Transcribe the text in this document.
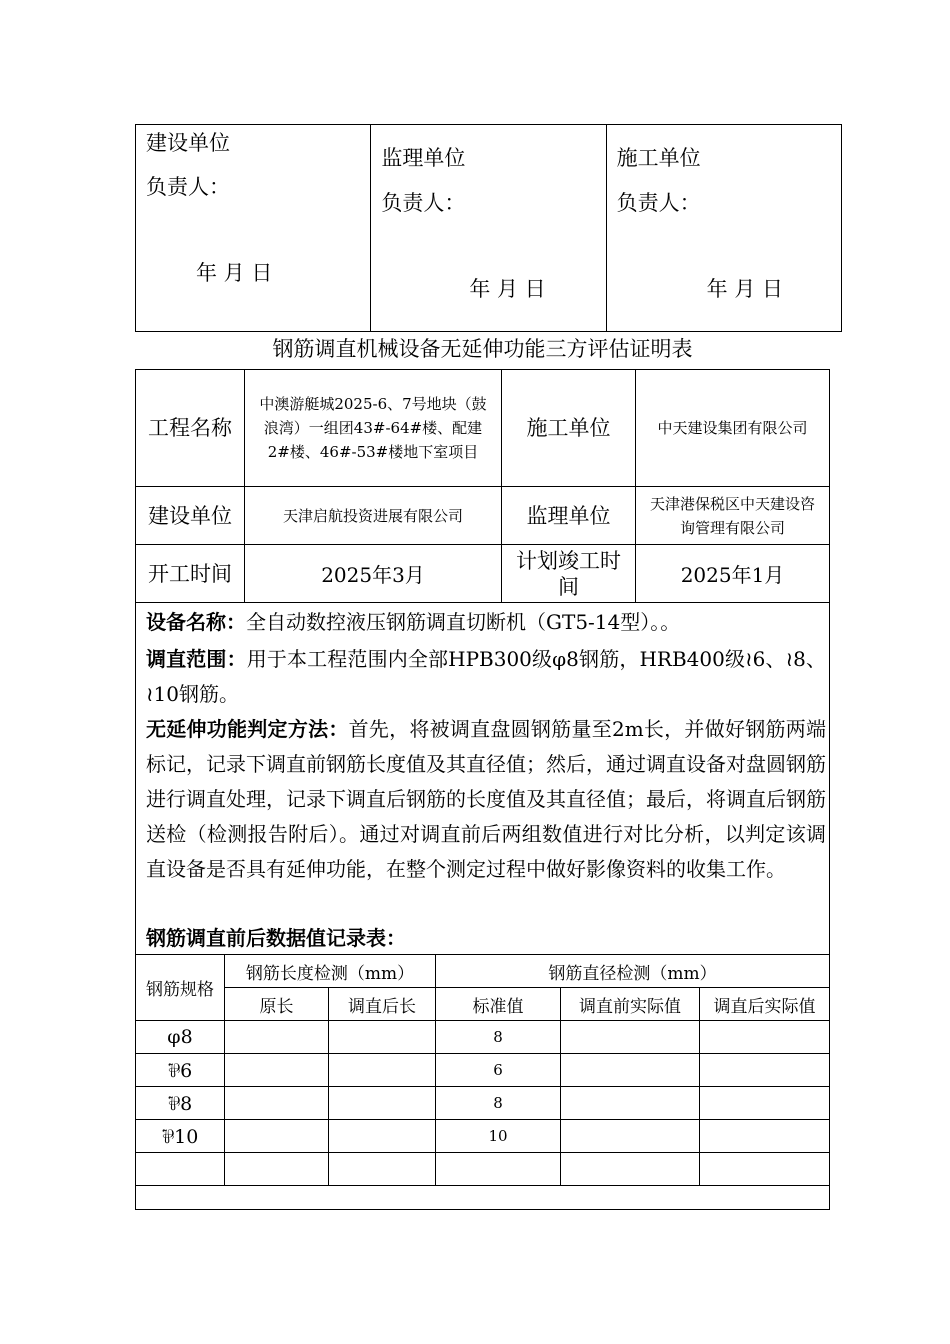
建设单位
负责人：
年 月 日

监理单位
负责人：
年 月 日

施工单位
负责人：
年 月 日
钢筋调直机械设备无延伸功能三方评估证明表
工程名称	中澳游艇城2025-6、7号地块（鼓浪湾）一组团43#-64#楼、配建2#楼、46#-53#楼地下室项目	施工单位	中天建设集团有限公司
建设单位	天津启航投资进展有限公司	监理单位	天津港保税区中天建设咨询管理有限公司
开工时间	2025年3月	计划竣工时间	2025年1月
设备名称：全自动数控液压钢筋调直切断机（GT5-14型）。。
调直范围：用于本工程范围内全部HPB300级φ8钢筋，HRB400级≀6、≀8、≀10钢筋。
无延伸功能判定方法：首先，将被调直盘圆钢筋量至2m长，并做好钢筋两端标记，记录下调直前钢筋长度值及其直径值；然后，通过调直设备对盘圆钢筋进行调直处理，记录下调直后钢筋的长度值及其直径值；最后，将调直后钢筋送检（检测报告附后）。通过对调直前后两组数值进行对比分析，以判定该调直设备是否具有延伸功能，在整个测定过程中做好影像资料的收集工作。
钢筋调直前后数据值记录表：
钢筋规格	钢筋长度检测（mm）		钢筋直径检测（mm）		
	原长	调直后长	标准值	调直前实际值	调直后实际值
φ8			8		
⅌6			6		
⅌8			8		
⅌10			10		
